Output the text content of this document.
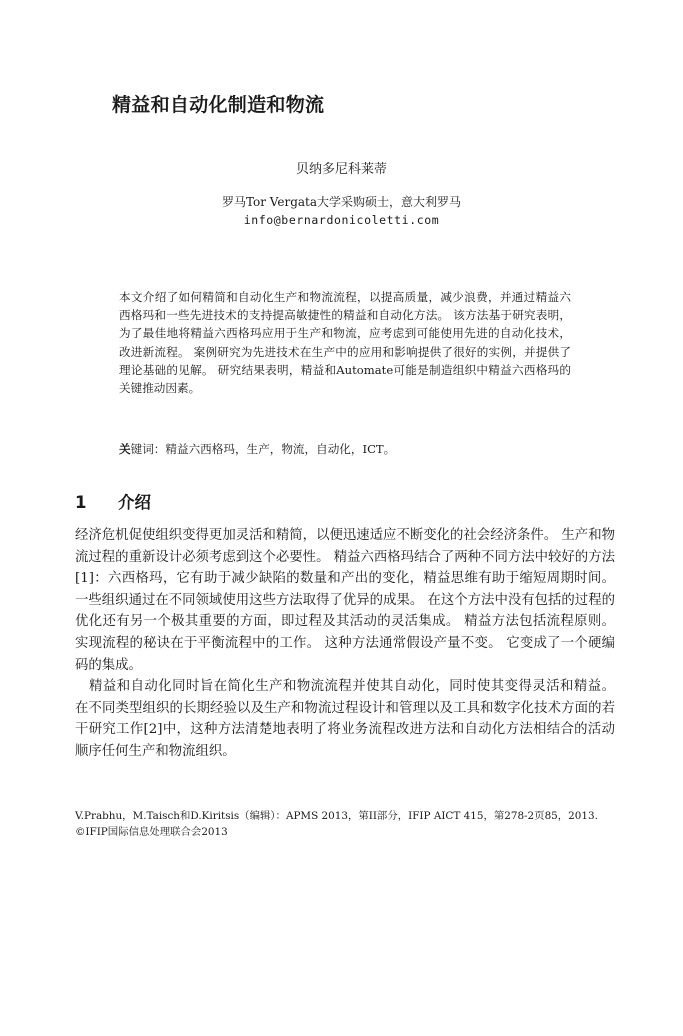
精益和自动化制造和物流
贝纳多尼科莱蒂
罗马Tor Vergata大学采购硕士，意大利罗马
info@bernardonicoletti.com
本文介绍了如何精简和自动化生产和物流流程，以提高质量，减少浪费，并通过精益六西格玛和一些先进技术的支持提高敏捷性的精益和自动化方法。 该方法基于研究表明，为了最佳地将精益六西格玛应用于生产和物流，应考虑到可能使用先进的自动化技术，改进新流程。 案例研究为先进技术在生产中的应用和影响提供了很好的实例，并提供了理论基础的见解。 研究结果表明，精益和Automate可能是制造组织中精益六西格玛的关键推动因素。
关键词：精益六西格玛，生产，物流，自动化，ICT。
1 介绍

经济危机促使组织变得更加灵活和精简，以便迅速适应不断变化的社会经济条件。 生产和物流过程的重新设计必须考虑到这个必要性。 精益六西格玛结合了两种不同方法中较好的方法[1]：六西格玛，它有助于减少缺陷的数量和产出的变化，精益思维有助于缩短周期时间。 一些组织通过在不同领域使用这些方法取得了优异的成果。 在这个方法中没有包括的过程的优化还有另一个极其重要的方面，即过程及其活动的灵活集成。 精益方法包括流程原则。 实现流程的秘诀在于平衡流程中的工作。 这种方法通常假设产量不变。 它变成了一个硬编码的集成。

精益和自动化同时旨在简化生产和物流流程并使其自动化，同时使其变得灵活和精益。 在不同类型组织的长期经验以及生产和物流过程设计和管理以及工具和数字化技术方面的若干研究工作[2]中，这种方法清楚地表明了将业务流程改进方法和自动化方法相结合的活动顺序任何生产和物流组织。

V.Prabhu，M.Taisch和D.Kiritsis（编辑）：APMS 2013，第II部分，IFIP AICT 415，第278-2页85，2013.
©IFIP国际信息处理联合会2013
